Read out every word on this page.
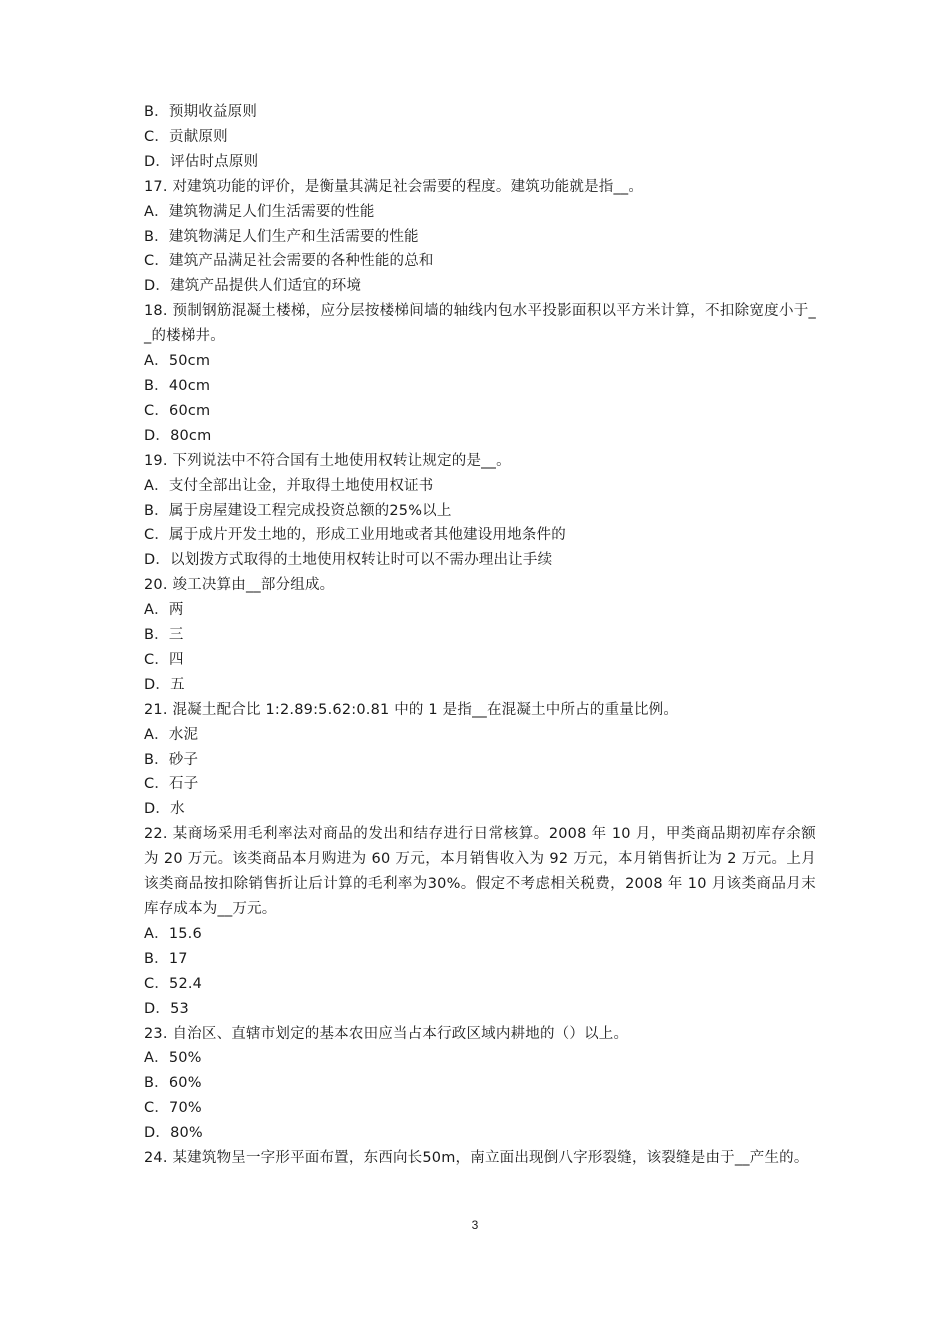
B．预期收益原则
C．贡献原则
D．评估时点原则
17. 对建筑功能的评价，是衡量其满足社会需要的程度。建筑功能就是指__。
A．建筑物满足人们生活需要的性能
B．建筑物满足人们生产和生活需要的性能
C．建筑产品满足社会需要的各种性能的总和
D．建筑产品提供人们适宜的环境
18. 预制钢筋混凝土楼梯，应分层按楼梯间墙的轴线内包水平投影面积以平方米计算，不扣除宽度小于__的楼梯井。
A．50cm
B．40cm
C．60cm
D．80cm
19. 下列说法中不符合国有土地使用权转让规定的是__。
A．支付全部出让金，并取得土地使用权证书
B．属于房屋建设工程完成投资总额的25%以上
C．属于成片开发土地的，形成工业用地或者其他建设用地条件的
D．以划拨方式取得的土地使用权转让时可以不需办理出让手续
20. 竣工决算由__部分组成。
A．两
B．三
C．四
D．五
21. 混凝土配合比 1:2.89:5.62:0.81 中的 1 是指__在混凝土中所占的重量比例。
A．水泥
B．砂子
C．石子
D．水
22. 某商场采用毛利率法对商品的发出和结存进行日常核算。2008 年 10 月，甲类商品期初库存余额为 20 万元。该类商品本月购进为 60 万元，本月销售收入为 92 万元，本月销售折让为 2 万元。上月该类商品按扣除销售折让后计算的毛利率为30%。假定不考虑相关税费，2008 年 10 月该类商品月末库存成本为__万元。
A．15.6
B．17
C．52.4
D．53
23. 自治区、直辖市划定的基本农田应当占本行政区域内耕地的（）以上。
A．50%
B．60%
C．70%
D．80%
24. 某建筑物呈一字形平面布置，东西向长50m，南立面出现倒八字形裂缝，该裂缝是由于__产生的。
3
